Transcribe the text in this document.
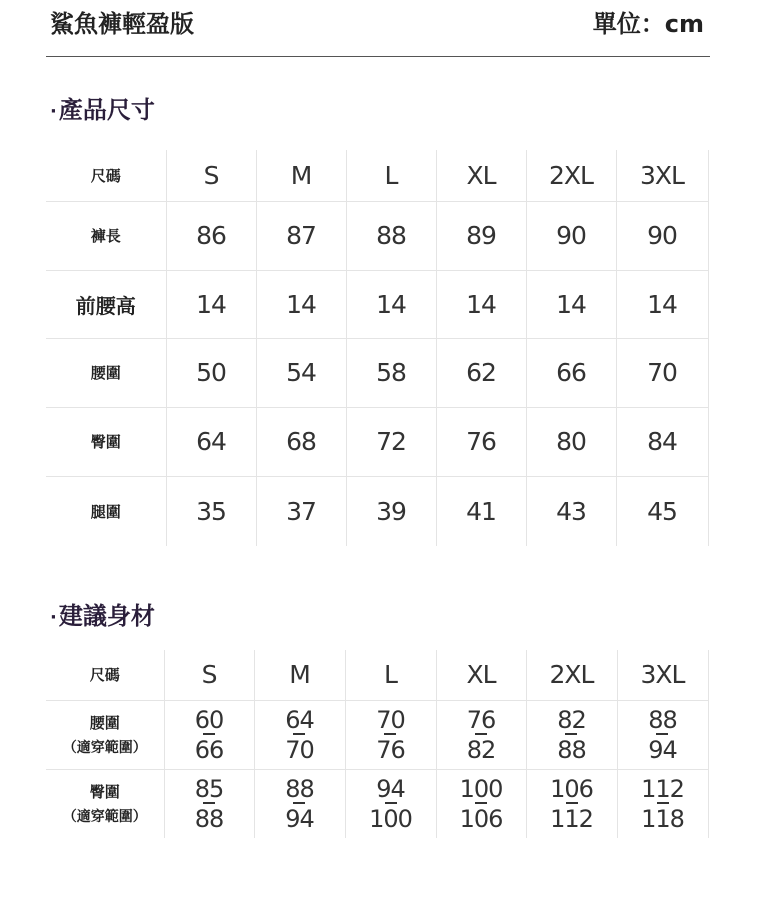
鯊魚褲輕盈版	單位：cm
·產品尺寸
尺碼	S	M	L	XL	2XL	3XL
褲長	86	87	88	89	90	90
前腰高	14	14	14	14	14	14
腰圍	50	54	58	62	66	70
臀圍	64	68	72	76	80	84
腿圍	35	37	39	41	43	45
·建議身材
尺碼	S	M	L	XL	2XL	3XL
腰圍
（適穿範圍）	$\frac{60}{66}$	$\frac{64}{70}$	$\frac{70}{76}$	$\frac{76}{82}$	$\frac{82}{88}$	$\frac{88}{94}$
臀圍
（適穿範圍）	$\frac{85}{88}$	$\frac{88}{94}$	$\frac{94}{100}$	$\frac{100}{106}$	$\frac{106}{112}$	$\frac{112}{118}$
